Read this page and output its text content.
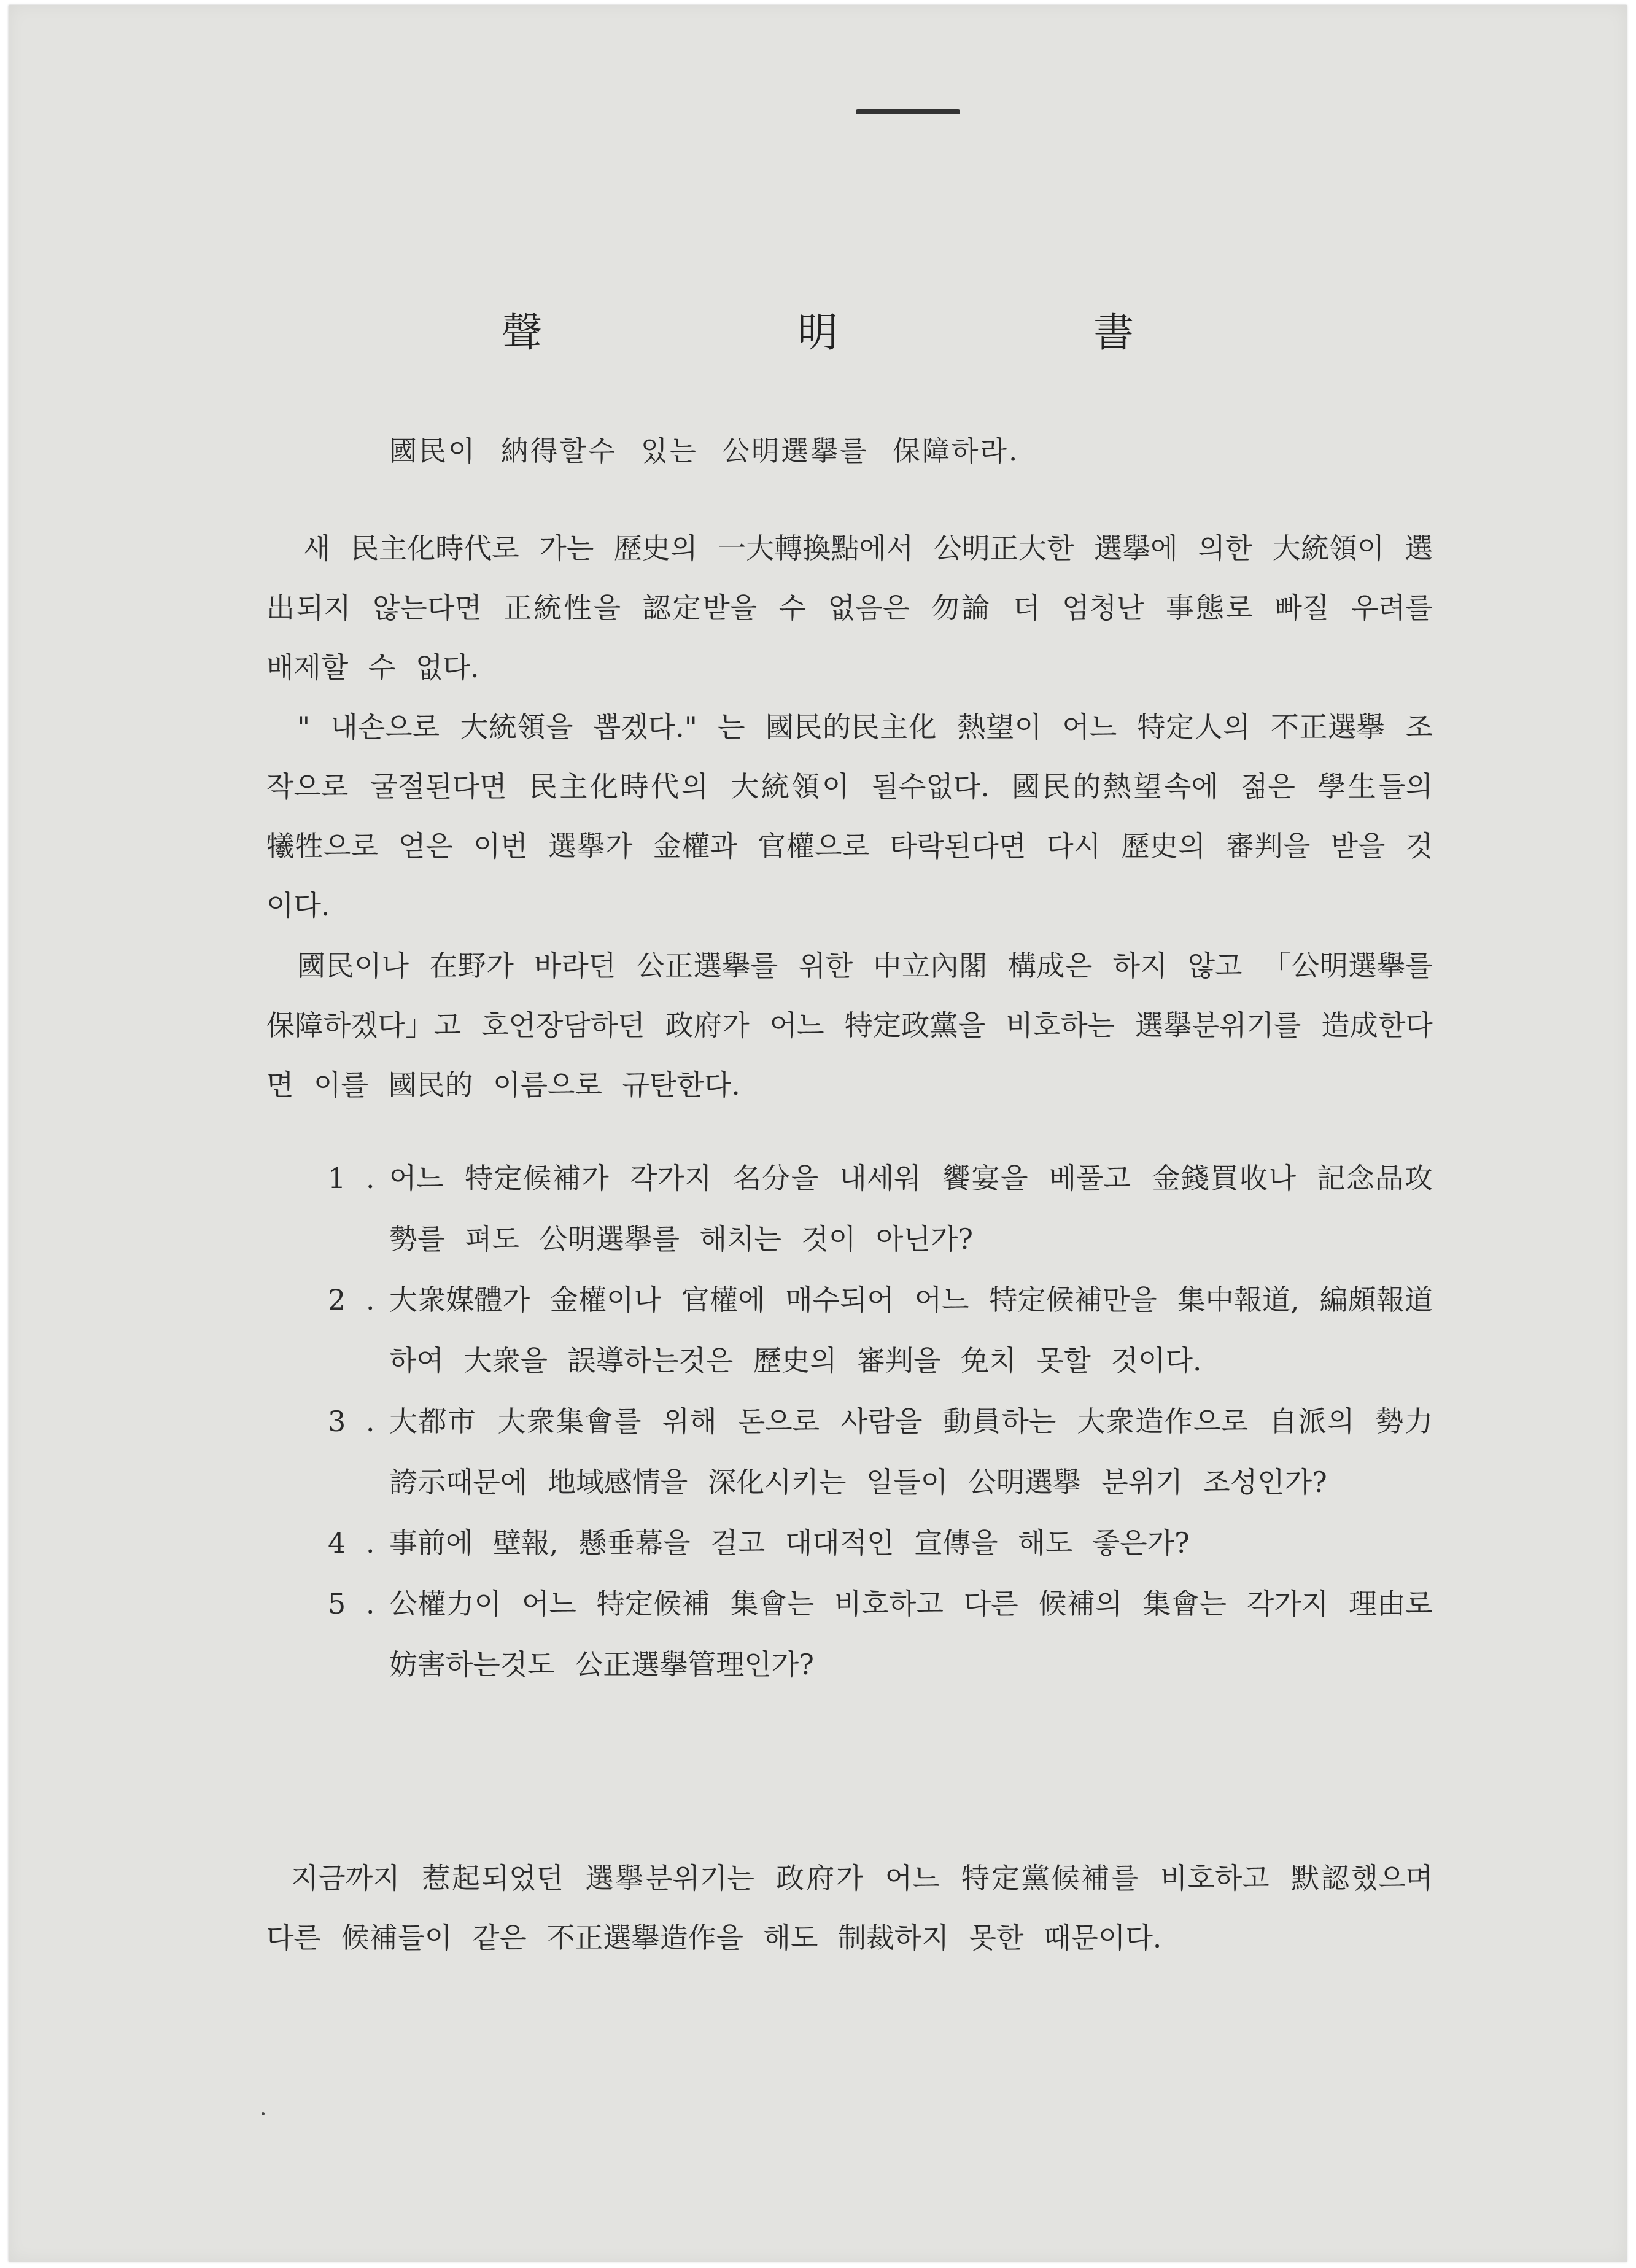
聲　明　書
國民이 納得할수 있는 公明選擧를 保障하라.

새 民主化時代로 가는 歷史의 一大轉換點에서 公明正大한 選擧에 의한 大統領이 選出되지 않는다면 正統性을 認定받을 수 없음은 勿論 더 엄청난 事態로 빠질 우려를 배제할 수 없다.

" 내손으로 大統領을 뽑겠다." 는 國民的民主化 熱望이 어느 特定人의 不正選擧 조작으로 굴절된다면 民主化時代의 大統領이 될수없다. 國民的熱望속에 젊은 學生들의 犧牲으로 얻은 이번 選擧가 金權과 官權으로 타락된다면 다시 歷史의 審判을 받을 것이다.

國民이나 在野가 바라던 公正選擧를 위한 中立內閣 構成은 하지 않고 「公明選擧를 保障하겠다」고 호언장담하던 政府가 어느 特定政黨을 비호하는 選擧분위기를 造成한다면 이를 國民的 이름으로 규탄한다.

1 . 어느 特定候補가 각가지 名分을 내세워 饗宴을 베풀고 金錢買收나 記念品攻勢를 펴도 公明選擧를 해치는 것이 아닌가?
2 . 大衆媒體가 金權이나 官權에 매수되어 어느 特定候補만을 集中報道, 編頗報道하여 大衆을 誤導하는것은 歷史의 審判을 免치 못할 것이다.
3 . 大都市 大衆集會를 위해 돈으로 사람을 動員하는 大衆造作으로 自派의 勢力誇示때문에 地域感情을 深化시키는 일들이 公明選擧 분위기 조성인가?
4 . 事前에 壁報, 懸垂幕을 걸고 대대적인 宣傳을 해도 좋은가?
5 . 公權力이 어느 特定候補 集會는 비호하고 다른 候補의 集會는 각가지 理由로 妨害하는것도 公正選擧管理인가?

지금까지 惹起되었던 選擧분위기는 政府가 어느 特定黨候補를 비호하고 默認했으며 다른 候補들이 같은 不正選擧造作을 해도 制裁하지 못한 때문이다.
